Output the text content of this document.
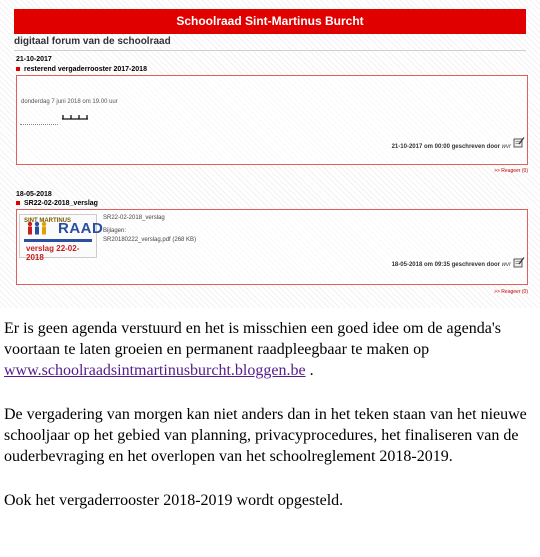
Schoolraad Sint-Martinus Burcht
digitaal forum van de schoolraad
21-10-2017
resterend vergaderrooster 2017-2018
donderdag 7 juni 2018 om 19.00 uur
21-10-2017 om 00:00 geschreven door wvr
>> Reageer (0)
18-05-2018
SR22-02-2018_verslag
SINT MARTINUS
RAAD
verslag 22-02-2018
SR22-02-2018_verslag
Bijlagen:
SR20180222_verslag.pdf (268 KB)
18-05-2018 om 09:35 geschreven door wvr
>> Reageer (0)

Er is geen agenda verstuurd en het is misschien een goed idee om de agenda's voortaan te laten groeien en permanent raadpleegbaar te maken op www.schoolraadsintmartinusburcht.bloggen.be .

De vergadering van morgen kan niet anders dan in het teken staan van het nieuwe schooljaar op het gebied van planning, privacyprocedures, het finaliseren van de ouderbevraging en het overlopen van het schoolreglement 2018-2019.

Ook het vergaderrooster 2018-2019 wordt opgesteld.
